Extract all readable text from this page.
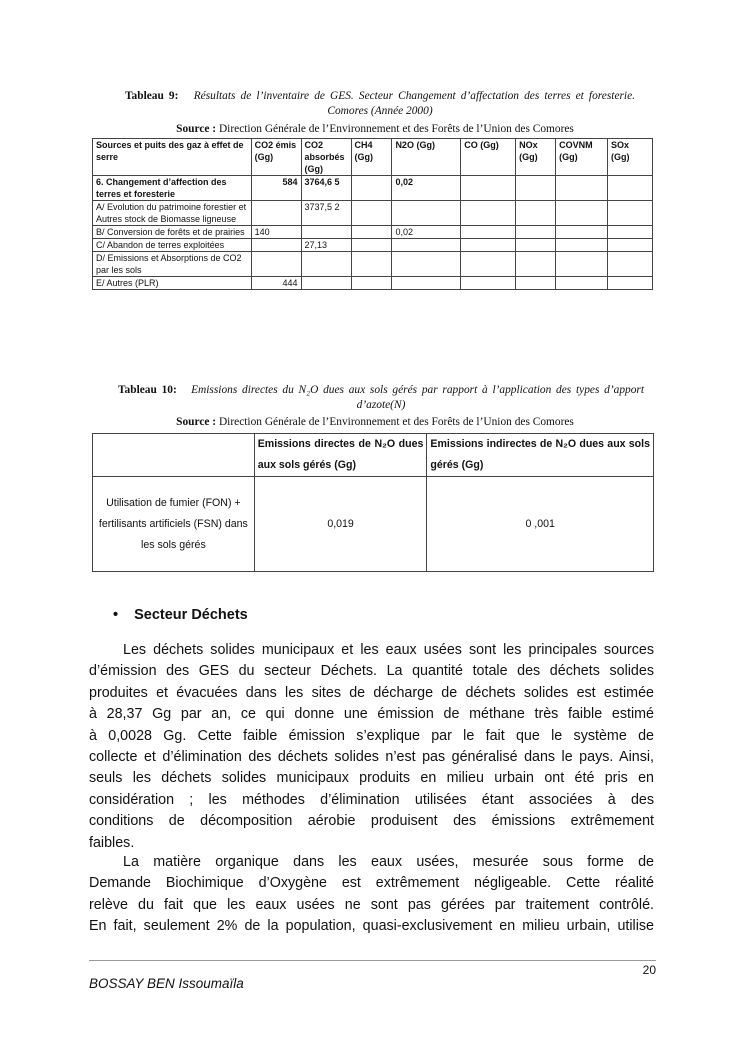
Tableau 9: Résultats de l’inventaire de GES. Secteur Changement d’affectation des terres et foresterie. Comores (Année 2000)
Source : Direction Générale de l’Environnement et des Forêts de l’Union des Comores
Sources et puits des gaz à effet de serre	CO2 émis (Gg)	CO2 absorbés (Gg)	CH4 (Gg)	N2O (Gg)	CO (Gg)	NOx (Gg)	COVNM (Gg)	SOx (Gg)
6. Changement d’affection des terres et foresterie	584	3764,6 5		0,02				
A/ Evolution du patrimoine forestier et Autres stock de Biomasse ligneuse		3737,5 2						
B/ Conversion de forêts et de prairies	140			0,02				
C/ Abandon de terres exploitées		27,13						
D/ Emissions et Absorptions de CO2 par les sols								
E/ Autres (PLR)	444							
Tableau 10: Emissions directes du N₂O dues aux sols gérés par rapport à l’application des types d’apport d’azote(N)
Source : Direction Générale de l’Environnement et des Forêts de l’Union des Comores
	Emissions directes de N₂O dues aux sols gérés (Gg)	Emissions indirectes de N₂O dues aux sols gérés (Gg)
Utilisation de fumier (FON) + fertilisants artificiels (FSN) dans les sols gérés	0,019	0 ,001
• Secteur Déchets
Les déchets solides municipaux et les eaux usées sont les principales sources
d’émission des GES du secteur Déchets. La quantité totale des déchets solides
produites et évacuées dans les sites de décharge de déchets solides est estimée
à 28,37 Gg par an, ce qui donne une émission de méthane très faible estimé
à 0,0028 Gg. Cette faible émission s’explique par le fait que le système de
collecte et d’élimination des déchets solides n’est pas généralisé dans le pays. Ainsi,
seuls les déchets solides municipaux produits en milieu urbain ont été pris en
considération ; les méthodes d’élimination utilisées étant associées à des
conditions de décomposition aérobie produisent des émissions extrêmement
faibles.
La matière organique dans les eaux usées, mesurée sous forme de
Demande Biochimique d’Oxygène est extrêmement négligeable. Cette réalité
relève du fait que les eaux usées ne sont pas gérées par traitement contrôlé.
En fait, seulement 2% de la population, quasi-exclusivement en milieu urbain, utilise
20
BOSSAY BEN Issoumaïla
